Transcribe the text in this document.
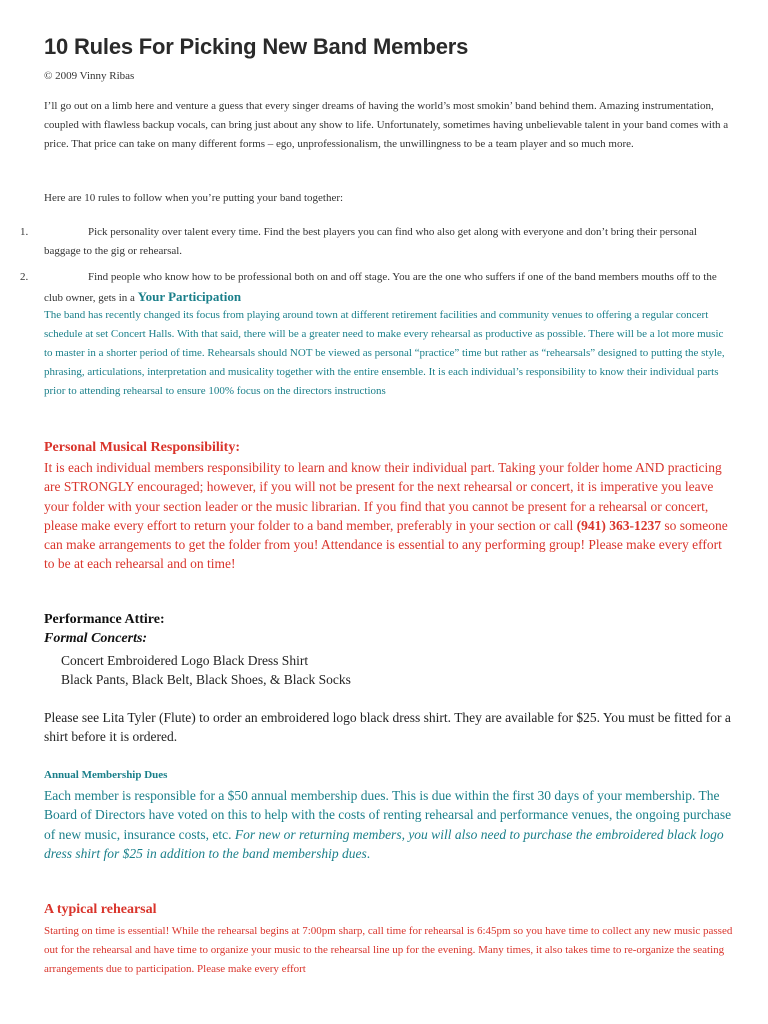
10 Rules For Picking New Band Members
© 2009 Vinny Ribas
I’ll go out on a limb here and venture a guess that every singer dreams of having the world’s most smokin’ band behind them. Amazing instrumentation, coupled with flawless backup vocals, can bring just about any show to life. Unfortunately, sometimes having unbelievable talent in your band comes with a price. That price can take on many different forms – ego, unprofessionalism, the unwillingness to be a team player and so much more.
Here are 10 rules to follow when you’re putting your band together:
1.	Pick personality over talent every time. Find the best players you can find who also get along with everyone and don’t bring their personal baggage to the gig or rehearsal.
2.	Find people who know how to be professional both on and off stage. You are the one who suffers if one of the band members mouths off to the club owner, gets in a Your Participation
The band has recently changed its focus from playing around town at different retirement facilities and community venues to offering a regular concert schedule at set Concert Halls. With that said, there will be a greater need to make every rehearsal as productive as possible. There will be a lot more music to master in a shorter period of time. Rehearsals should NOT be viewed as personal “practice” time but rather as “rehearsals” designed to putting the style, phrasing, articulations, interpretation and musicality together with the entire ensemble. It is each individual’s responsibility to know their individual parts prior to attending rehearsal to ensure 100% focus on the directors instructions
Personal Musical Responsibility:
It is each individual members responsibility to learn and know their individual part. Taking your folder home AND practicing are STRONGLY encouraged; however, if you will not be present for the next rehearsal or concert, it is imperative you leave your folder with your section leader or the music librarian. If you find that you cannot be present for a rehearsal or concert, please make every effort to return your folder to a band member, preferably in your section or call (941) 363-1237 so someone can make arrangements to get the folder from you! Attendance is essential to any performing group! Please make every effort to be at each rehearsal and on time!
Performance Attire:
Formal Concerts:
Concert Embroidered Logo Black Dress Shirt
Black Pants, Black Belt, Black Shoes, & Black Socks
Please see Lita Tyler (Flute) to order an embroidered logo black dress shirt. They are available for $25. You must be fitted for a shirt before it is ordered.
Annual Membership Dues
Each member is responsible for a $50 annual membership dues. This is due within the first 30 days of your membership. The Board of Directors have voted on this to help with the costs of renting rehearsal and performance venues, the ongoing purchase of new music, insurance costs, etc. For new or returning members, you will also need to purchase the embroidered black logo dress shirt for $25 in addition to the band membership dues.
A typical rehearsal
Starting on time is essential! While the rehearsal begins at 7:00pm sharp, call time for rehearsal is 6:45pm so you have time to collect any new music passed out for the rehearsal and have time to organize your music to the rehearsal line up for the evening. Many times, it also takes time to re-organize the seating arrangements due to participation. Please make every effort
